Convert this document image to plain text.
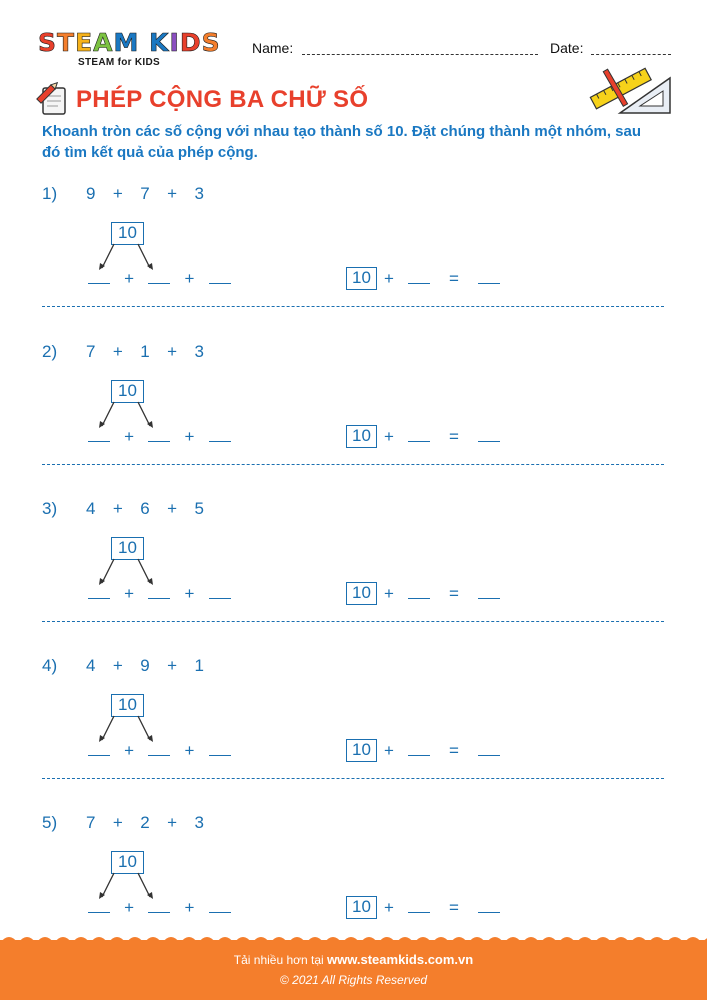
STEAM KIDS
STEAM for KIDS
Name:	Date:
PHÉP CỘNG BA CHỮ SỐ
Khoanh tròn các số cộng với nhau tạo thành số 10. Đặt chúng thành một nhóm, sau đó tìm kết quả của phép cộng.
1) 9  +  7  +  3
10
+	+	10 +	=
2) 7  +  1  +  3
10
+	+	10 +	=
3) 4  +  6  +  5
10
+	+	10 +	=
4) 4  +  9  +  1
10
+	+	10 +	=
5) 7  +  2  +  3
10
+	+	10 +	=
Tải nhiều hơn tại www.steamkids.com.vn
© 2021 All Rights Reserved
